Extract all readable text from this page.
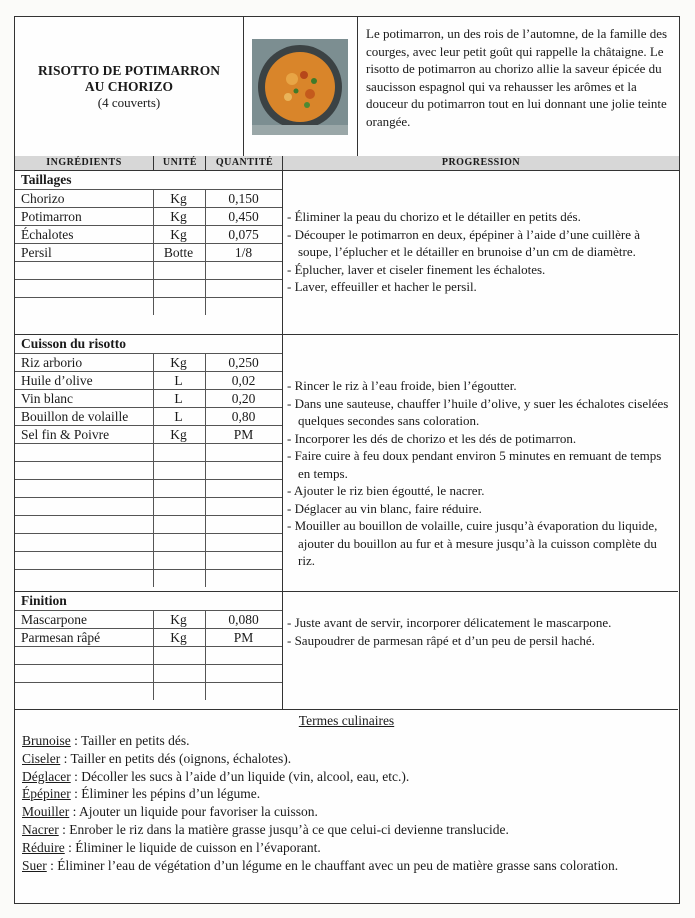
RISOTTO DE POTIMARRON
AU CHORIZO
(4 couverts)
Le potimarron, un des rois de l’automne, de la famille des courges, avec leur petit goût qui rappelle la châtaigne. Le risotto de potimarron au chorizo allie la saveur épicée du saucisson espagnol qui va rehausser les arômes et la douceur du potimarron tout en lui donnant une jolie teinte orangée.
INGRÉDIENTS	UNITÉ	QUANTITÉ	PROGRESSION
Taillages
Chorizo	Kg	0,150
Potimarron	Kg	0,450
Échalotes	Kg	0,075
Persil	Botte	1/8
- Éliminer la peau du chorizo et le détailler en petits dés.
- Découper le potimarron en deux, épépiner à l’aide d’une cuillère à soupe, l’éplucher et le détailler en brunoise d’un cm de diamètre.
- Éplucher, laver et ciseler finement les échalotes.
- Laver, effeuiller et hacher le persil.
Cuisson du risotto
Riz arborio	Kg	0,250
Huile d’olive	L	0,02
Vin blanc	L	0,20
Bouillon de volaille	L	0,80
Sel fin & Poivre	Kg	PM
- Rincer le riz à l’eau froide, bien l’égoutter.
- Dans une sauteuse, chauffer l’huile d’olive, y suer les échalotes ciselées quelques secondes sans coloration.
- Incorporer les dés de chorizo et les dés de potimarron.
- Faire cuire à feu doux pendant environ 5 minutes en remuant de temps en temps.
- Ajouter le riz bien égoutté, le nacrer.
- Déglacer au vin blanc, faire réduire.
- Mouiller au bouillon de volaille, cuire jusqu’à évaporation du liquide, ajouter du bouillon au fur et à mesure jusqu’à la cuisson complète du riz.
Finition
Mascarpone	Kg	0,080
Parmesan râpé	Kg	PM
- Juste avant de servir, incorporer délicatement le mascarpone.
- Saupoudrer de parmesan râpé et d’un peu de persil haché.
Termes culinaires
Brunoise : Tailler en petits dés.
Ciseler : Tailler en petits dés (oignons, échalotes).
Déglacer : Décoller les sucs à l’aide d’un liquide (vin, alcool, eau, etc.).
Épépiner : Éliminer les pépins d’un légume.
Mouiller : Ajouter un liquide pour favoriser la cuisson.
Nacrer : Enrober le riz dans la matière grasse jusqu’à ce que celui-ci devienne translucide.
Réduire : Éliminer le liquide de cuisson en l’évaporant.
Suer : Éliminer l’eau de végétation d’un légume en le chauffant avec un peu de matière grasse sans coloration.
